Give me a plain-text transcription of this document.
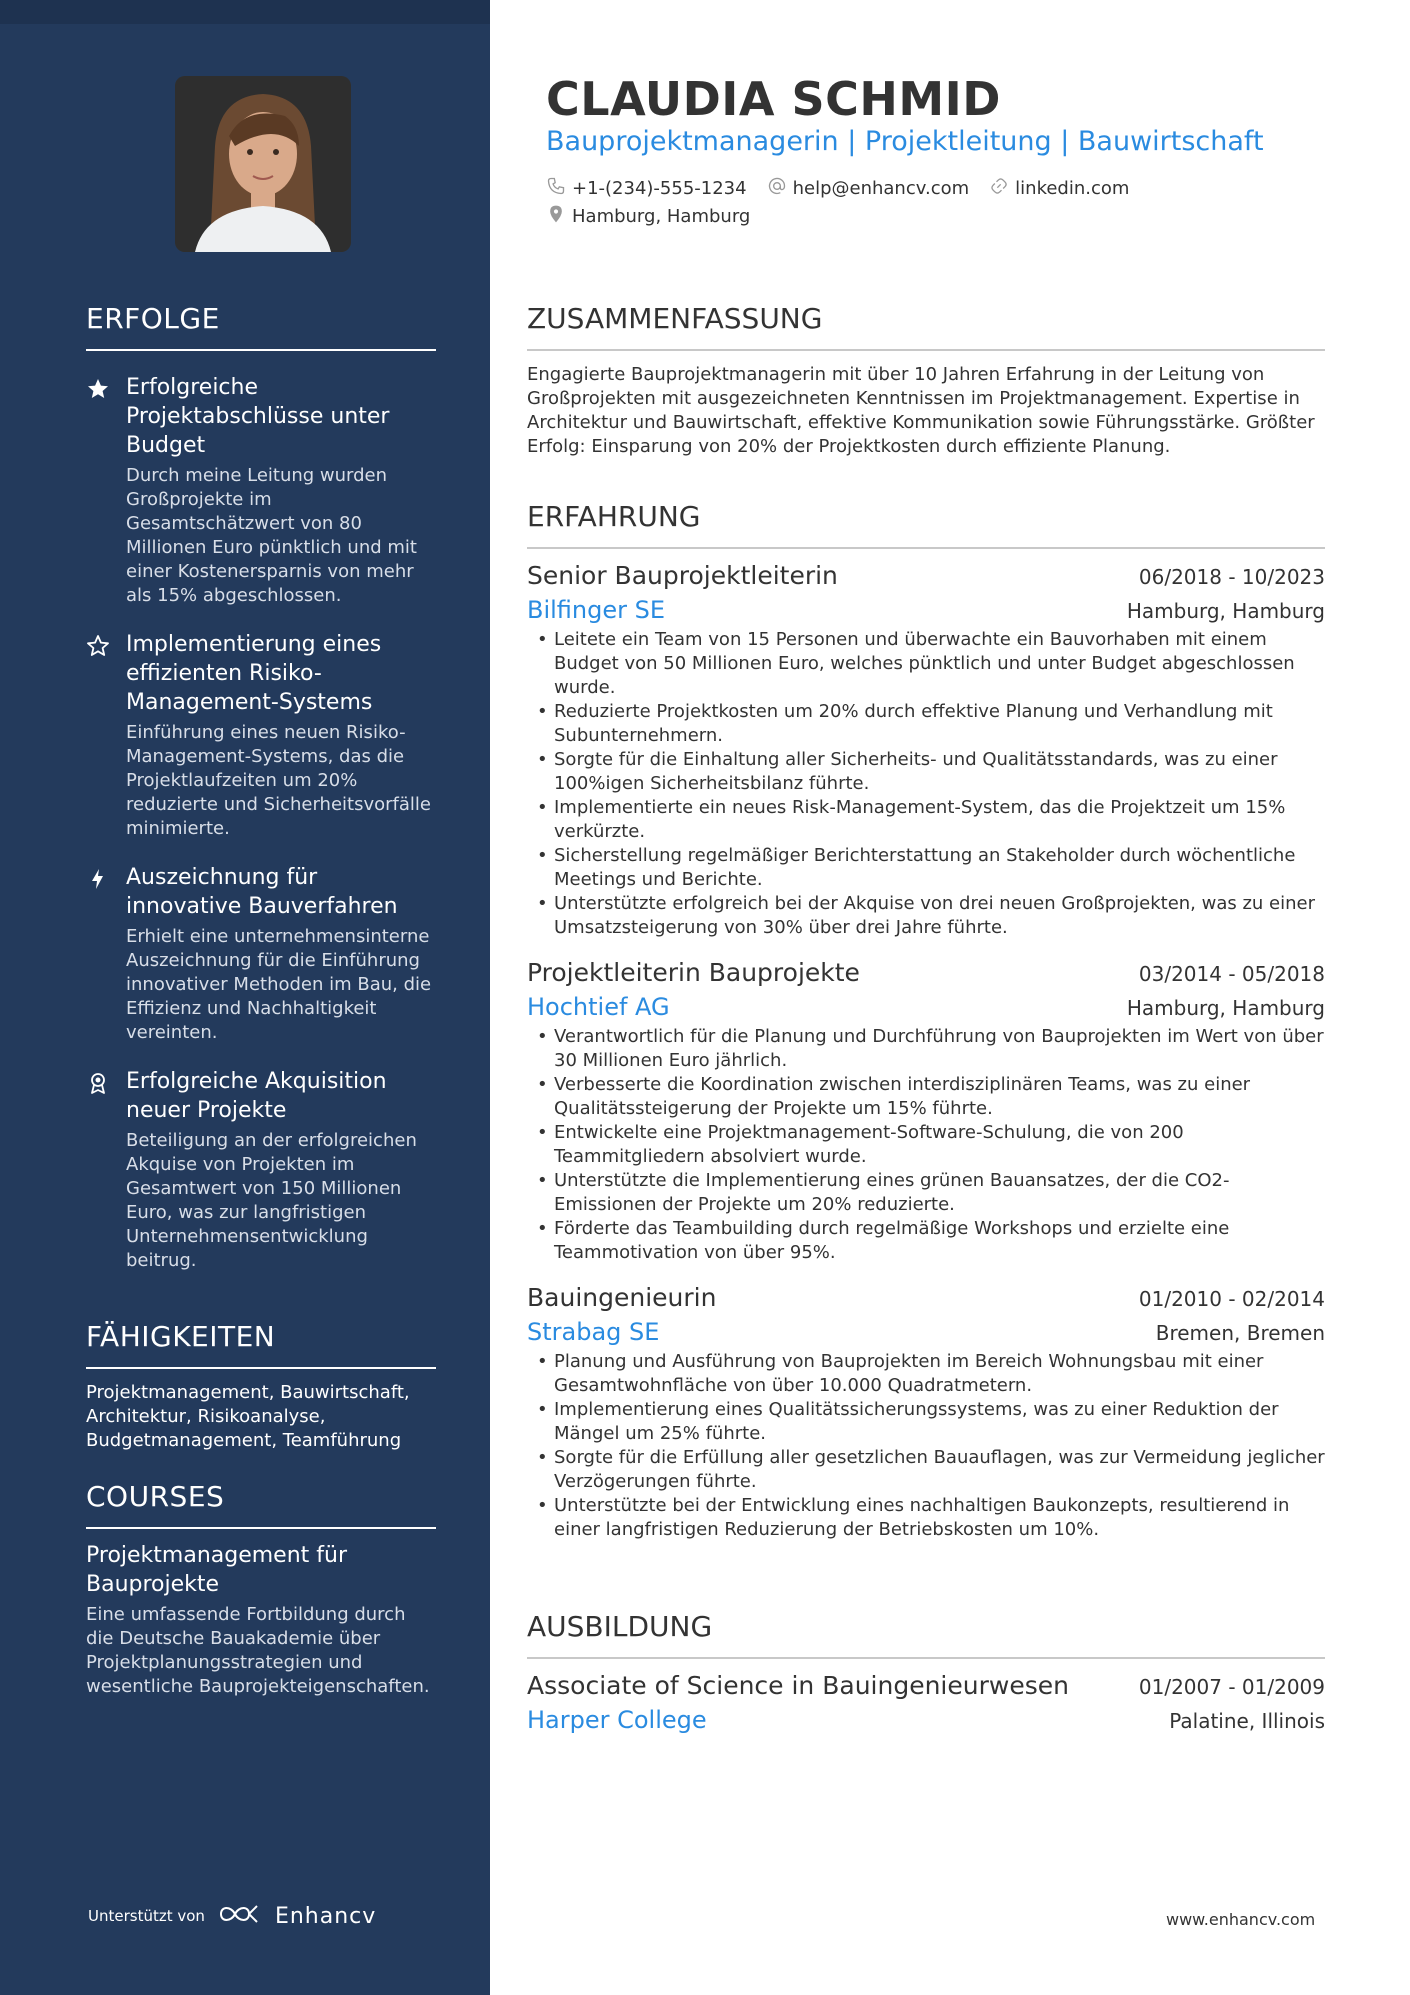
ERFOLGE
Erfolgreiche Projektabschlüsse unter Budget
Durch meine Leitung wurden Großprojekte im Gesamtschätzwert von 80 Millionen Euro pünktlich und mit einer Kostenersparnis von mehr als 15% abgeschlossen.
Implementierung eines effizienten Risiko-Management-Systems
Einführung eines neuen Risiko-Management-Systems, das die Projektlaufzeiten um 20% reduzierte und Sicherheitsvorfälle minimierte.
Auszeichnung für innovative Bauverfahren
Erhielt eine unternehmensinterne Auszeichnung für die Einführung innovativer Methoden im Bau, die Effizienz und Nachhaltigkeit vereinten.
Erfolgreiche Akquisition neuer Projekte
Beteiligung an der erfolgreichen Akquise von Projekten im Gesamtwert von 150 Millionen Euro, was zur langfristigen Unternehmensentwicklung beitrug.
FÄHIGKEITEN
Projektmanagement, Bauwirtschaft, Architektur, Risikoanalyse, Budgetmanagement, Teamführung
COURSES
Projektmanagement für Bauprojekte
Eine umfassende Fortbildung durch die Deutsche Bauakademie über Projektplanungsstrategien und wesentliche Bauprojekteigenschaften.
Unterstützt von	Enhancv
CLAUDIA SCHMID
Bauprojektmanagerin | Projektleitung | Bauwirtschaft
+1-(234)-555-1234	help@enhancv.com	linkedin.com
Hamburg, Hamburg
ZUSAMMENFASSUNG
Engagierte Bauprojektmanagerin mit über 10 Jahren Erfahrung in der Leitung von Großprojekten mit ausgezeichneten Kenntnissen im Projektmanagement. Expertise in Architektur und Bauwirtschaft, effektive Kommunikation sowie Führungsstärke. Größter Erfolg: Einsparung von 20% der Projektkosten durch effiziente Planung.
ERFAHRUNG
Senior Bauprojektleiterin	06/2018 - 10/2023
Bilfinger SE	Hamburg, Hamburg
• Leitete ein Team von 15 Personen und überwachte ein Bauvorhaben mit einem Budget von 50 Millionen Euro, welches pünktlich und unter Budget abgeschlossen wurde.
• Reduzierte Projektkosten um 20% durch effektive Planung und Verhandlung mit Subunternehmern.
• Sorgte für die Einhaltung aller Sicherheits- und Qualitätsstandards, was zu einer 100%igen Sicherheitsbilanz führte.
• Implementierte ein neues Risk-Management-System, das die Projektzeit um 15% verkürzte.
• Sicherstellung regelmäßiger Berichterstattung an Stakeholder durch wöchentliche Meetings und Berichte.
• Unterstützte erfolgreich bei der Akquise von drei neuen Großprojekten, was zu einer Umsatzsteigerung von 30% über drei Jahre führte.
Projektleiterin Bauprojekte	03/2014 - 05/2018
Hochtief AG	Hamburg, Hamburg
• Verantwortlich für die Planung und Durchführung von Bauprojekten im Wert von über 30 Millionen Euro jährlich.
• Verbesserte die Koordination zwischen interdisziplinären Teams, was zu einer Qualitätssteigerung der Projekte um 15% führte.
• Entwickelte eine Projektmanagement-Software-Schulung, die von 200 Teammitgliedern absolviert wurde.
• Unterstützte die Implementierung eines grünen Bauansatzes, der die CO2-Emissionen der Projekte um 20% reduzierte.
• Förderte das Teambuilding durch regelmäßige Workshops und erzielte eine Teammotivation von über 95%.
Bauingenieurin	01/2010 - 02/2014
Strabag SE	Bremen, Bremen
• Planung und Ausführung von Bauprojekten im Bereich Wohnungsbau mit einer Gesamtwohnfläche von über 10.000 Quadratmetern.
• Implementierung eines Qualitätssicherungssystems, was zu einer Reduktion der Mängel um 25% führte.
• Sorgte für die Erfüllung aller gesetzlichen Bauauflagen, was zur Vermeidung jeglicher Verzögerungen führte.
• Unterstützte bei der Entwicklung eines nachhaltigen Baukonzepts, resultierend in einer langfristigen Reduzierung der Betriebskosten um 10%.
AUSBILDUNG
Associate of Science in Bauingenieurwesen	01/2007 - 01/2009
Harper College	Palatine, Illinois
www.enhancv.com
